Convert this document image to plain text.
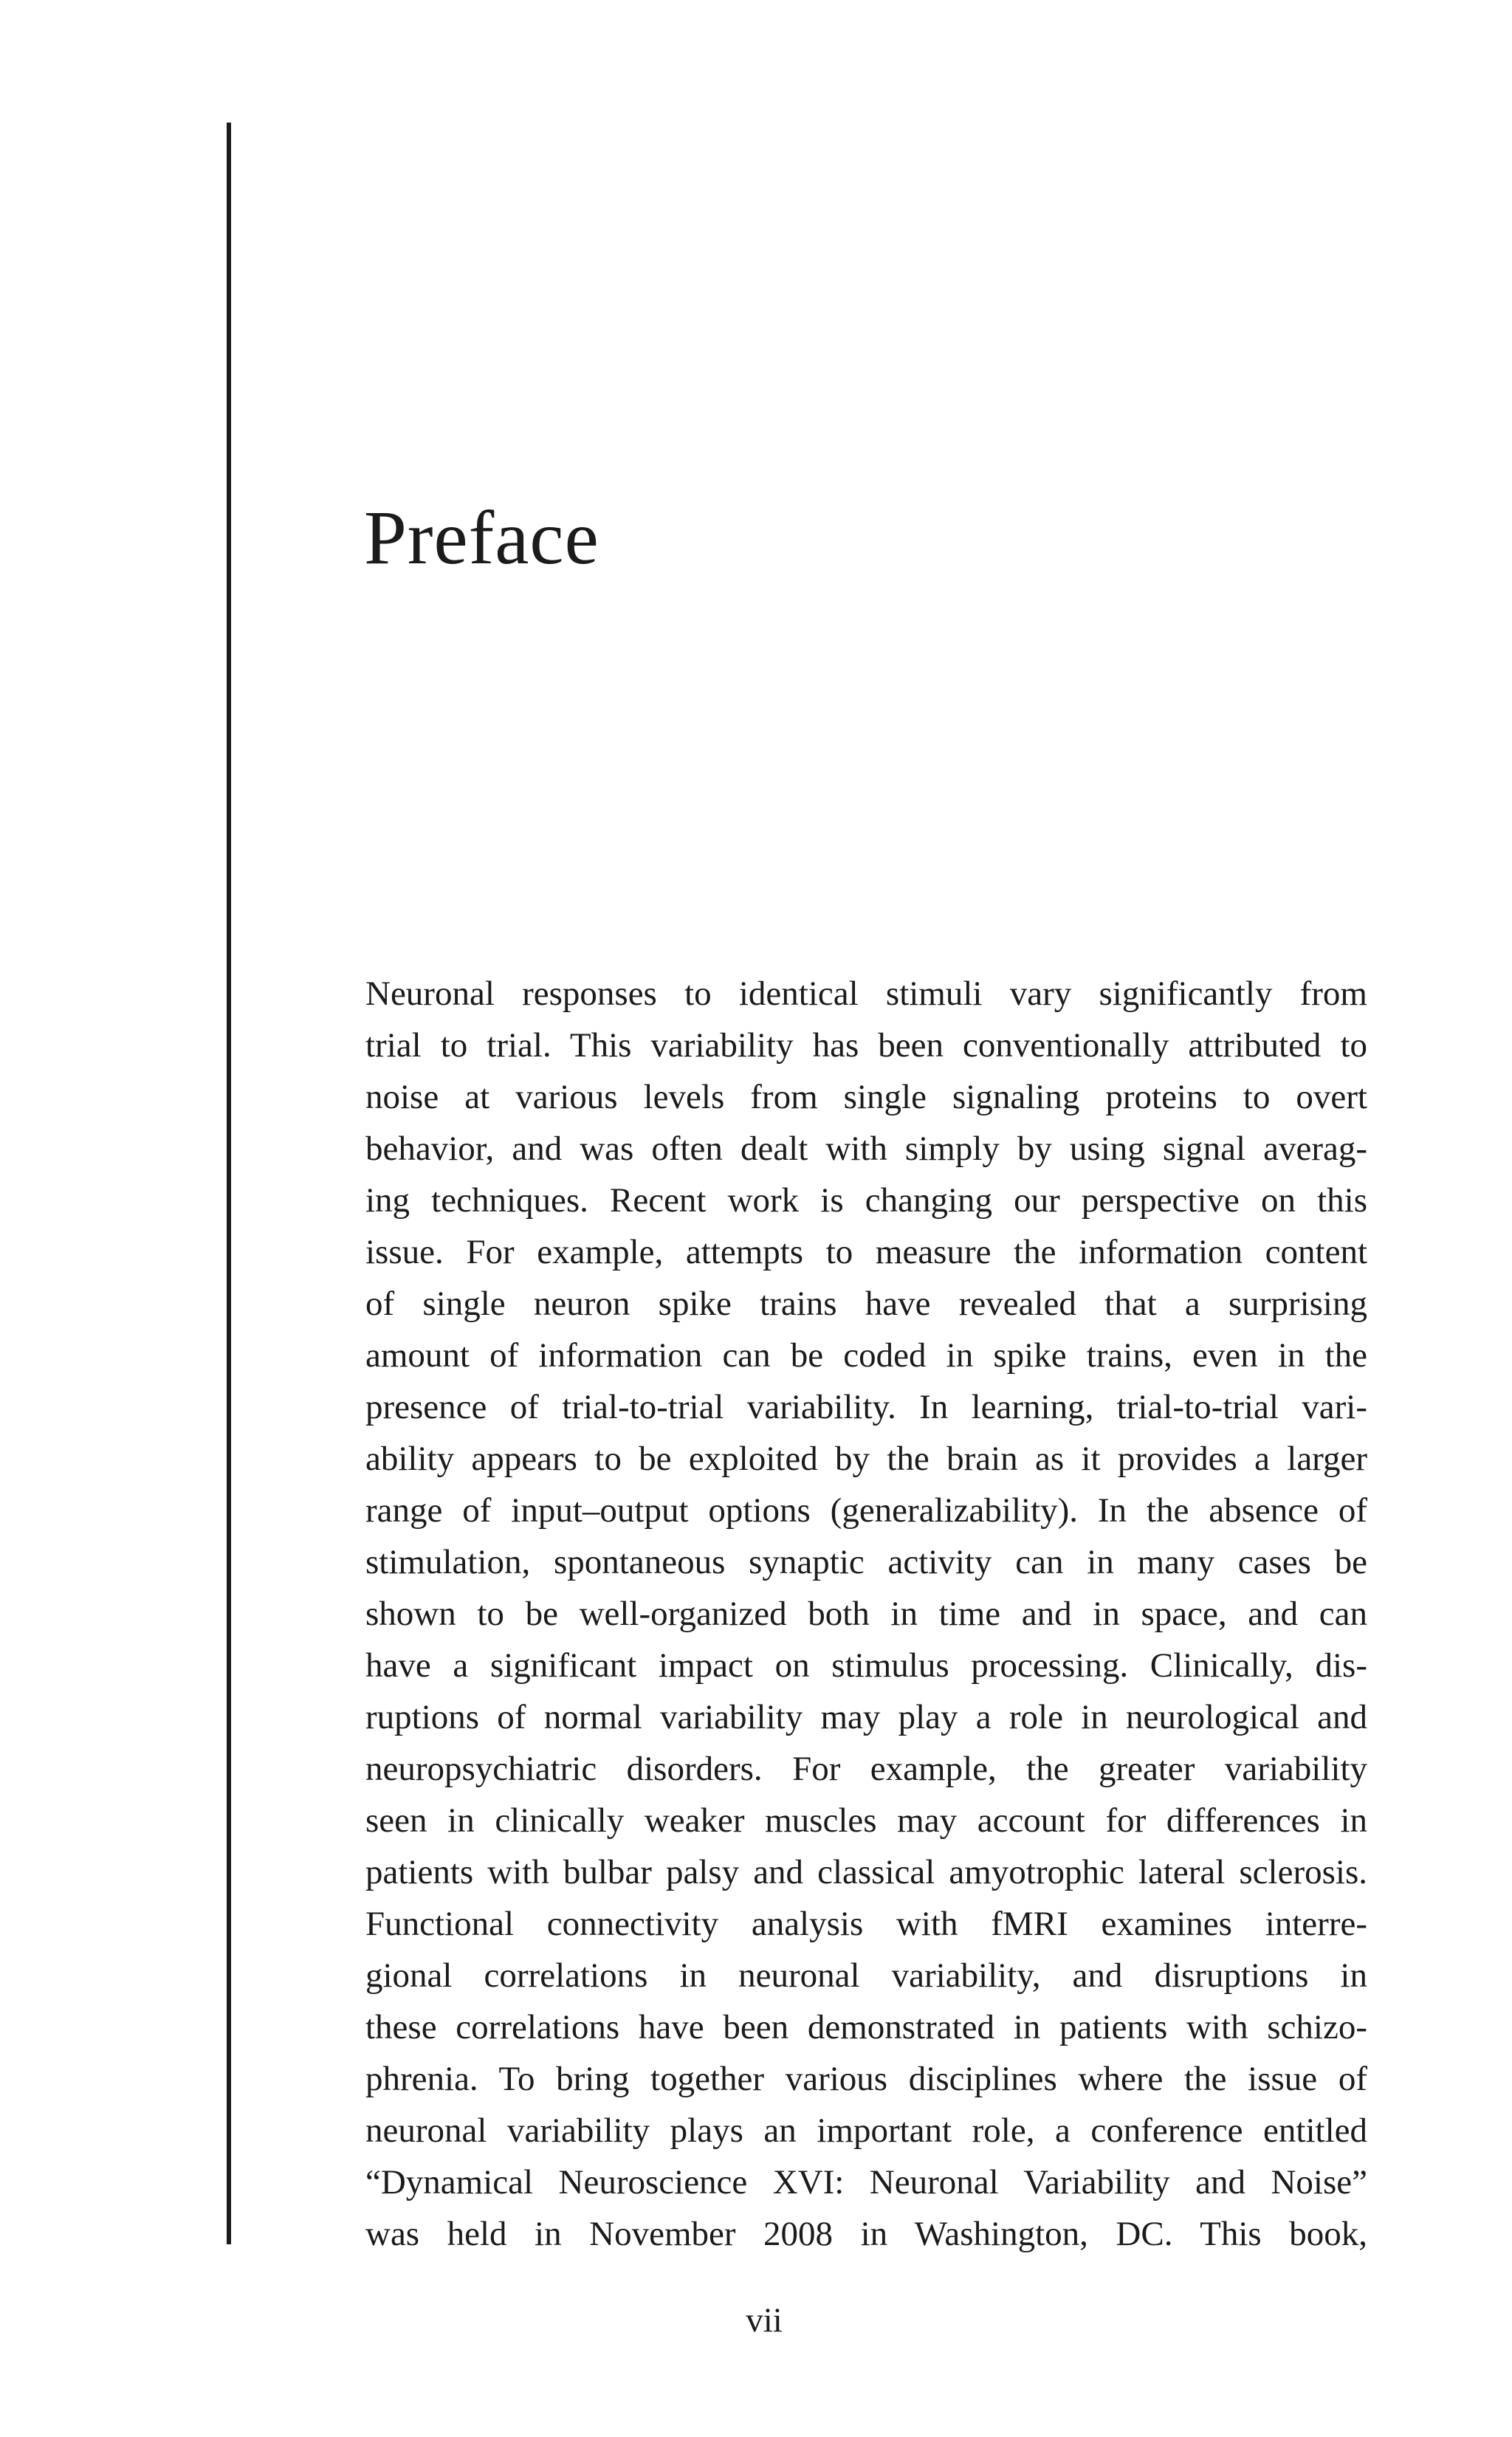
Preface
Neuronal responses to identical stimuli vary significantly from
trial to trial. This variability has been conventionally attributed to
noise at various levels from single signaling proteins to overt
behavior, and was often dealt with simply by using signal averag-
ing techniques. Recent work is changing our perspective on this
issue. For example, attempts to measure the information content
of single neuron spike trains have revealed that a surprising
amount of information can be coded in spike trains, even in the
presence of trial-to-trial variability. In learning, trial-to-trial vari-
ability appears to be exploited by the brain as it provides a larger
range of input–output options (generalizability). In the absence of
stimulation, spontaneous synaptic activity can in many cases be
shown to be well-organized both in time and in space, and can
have a significant impact on stimulus processing. Clinically, dis-
ruptions of normal variability may play a role in neurological and
neuropsychiatric disorders. For example, the greater variability
seen in clinically weaker muscles may account for differences in
patients with bulbar palsy and classical amyotrophic lateral sclerosis.
Functional connectivity analysis with fMRI examines interre-
gional correlations in neuronal variability, and disruptions in
these correlations have been demonstrated in patients with schizo-
phrenia. To bring together various disciplines where the issue of
neuronal variability plays an important role, a conference entitled
“Dynamical Neuroscience XVI: Neuronal Variability and Noise”
was held in November 2008 in Washington, DC. This book,
vii
